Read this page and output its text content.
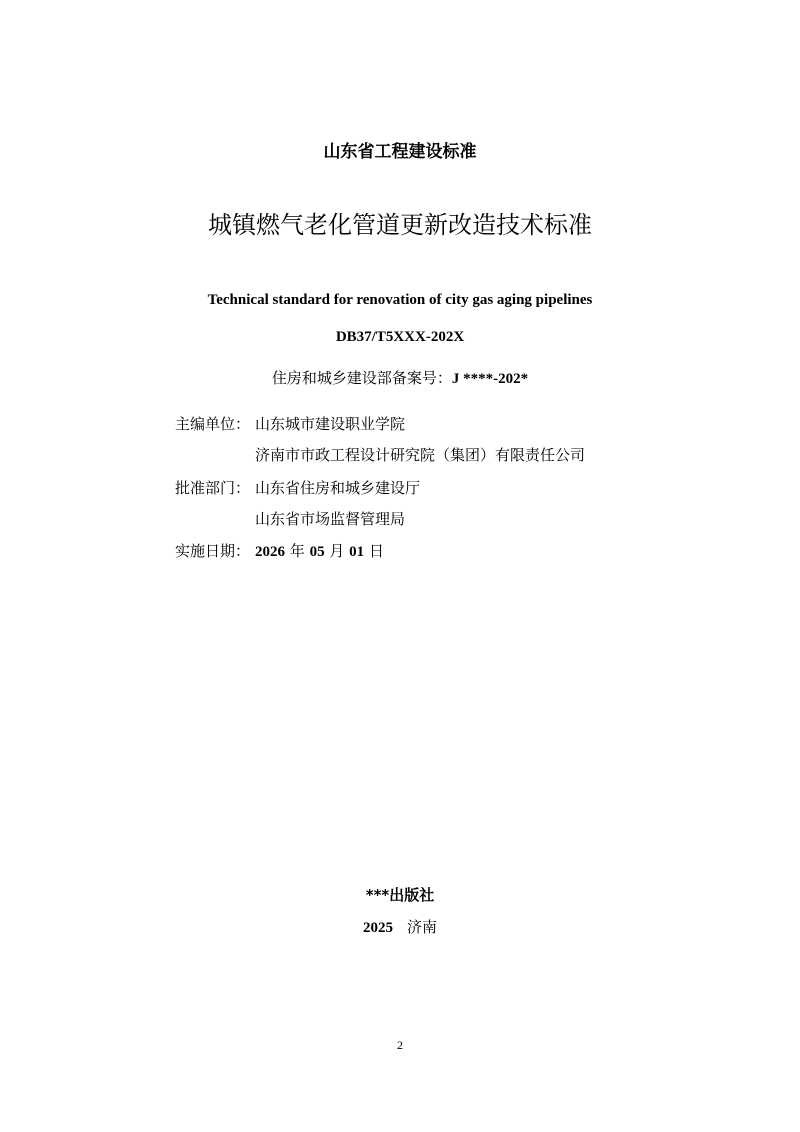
山东省工程建设标准
城镇燃气老化管道更新改造技术标准
Technical standard for renovation of city gas aging pipelines
DB37/T5XXX-202X
住房和城乡建设部备案号：J ****-202*
主编单位： 山东城市建设职业学院
济南市市政工程设计研究院（集团）有限责任公司
批准部门： 山东省住房和城乡建设厅
山东省市场监督管理局
实施日期： 2026 年 05 月 01 日
***出版社
2025 济南
2
